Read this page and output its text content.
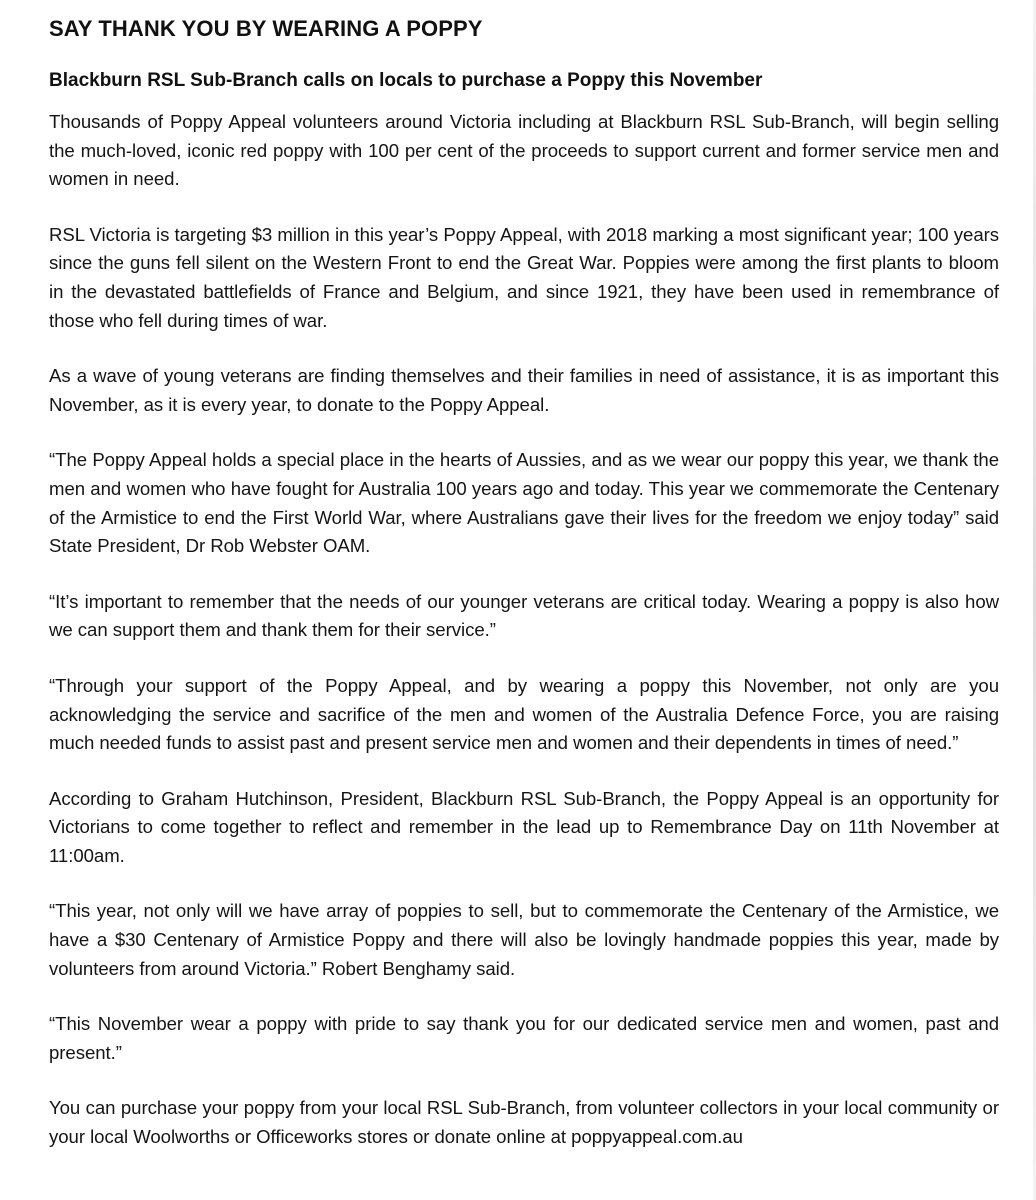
SAY THANK YOU BY WEARING A POPPY
Blackburn RSL Sub-Branch calls on locals to purchase a Poppy this November

Thousands of Poppy Appeal volunteers around Victoria including at Blackburn RSL Sub-Branch, will begin selling the much-loved, iconic red poppy with 100 per cent of the proceeds to support current and former service men and women in need.

RSL Victoria is targeting $3 million in this year’s Poppy Appeal, with 2018 marking a most significant year; 100 years since the guns fell silent on the Western Front to end the Great War. Poppies were among the first plants to bloom in the devastated battlefields of France and Belgium, and since 1921, they have been used in remembrance of those who fell during times of war.

As a wave of young veterans are finding themselves and their families in need of assistance, it is as important this November, as it is every year, to donate to the Poppy Appeal.

“The Poppy Appeal holds a special place in the hearts of Aussies, and as we wear our poppy this year, we thank the men and women who have fought for Australia 100 years ago and today. This year we commemorate the Centenary of the Armistice to end the First World War, where Australians gave their lives for the freedom we enjoy today” said State President, Dr Rob Webster OAM.

“It’s important to remember that the needs of our younger veterans are critical today. Wearing a poppy is also how we can support them and thank them for their service.”

“Through your support of the Poppy Appeal, and by wearing a poppy this November, not only are you acknowledging the service and sacrifice of the men and women of the Australia Defence Force, you are raising much needed funds to assist past and present service men and women and their dependents in times of need.”

According to Graham Hutchinson, President, Blackburn RSL Sub-Branch, the Poppy Appeal is an opportunity for Victorians to come together to reflect and remember in the lead up to Remembrance Day on 11th November at 11:00am.

“This year, not only will we have array of poppies to sell, but to commemorate the Centenary of the Armistice, we have a $30 Centenary of Armistice Poppy and there will also be lovingly handmade poppies this year, made by volunteers from around Victoria.” Robert Benghamy said.

“This November wear a poppy with pride to say thank you for our dedicated service men and women, past and present.”

You can purchase your poppy from your local RSL Sub-Branch, from volunteer collectors in your local community or your local Woolworths or Officeworks stores or donate online at poppyappeal.com.au
